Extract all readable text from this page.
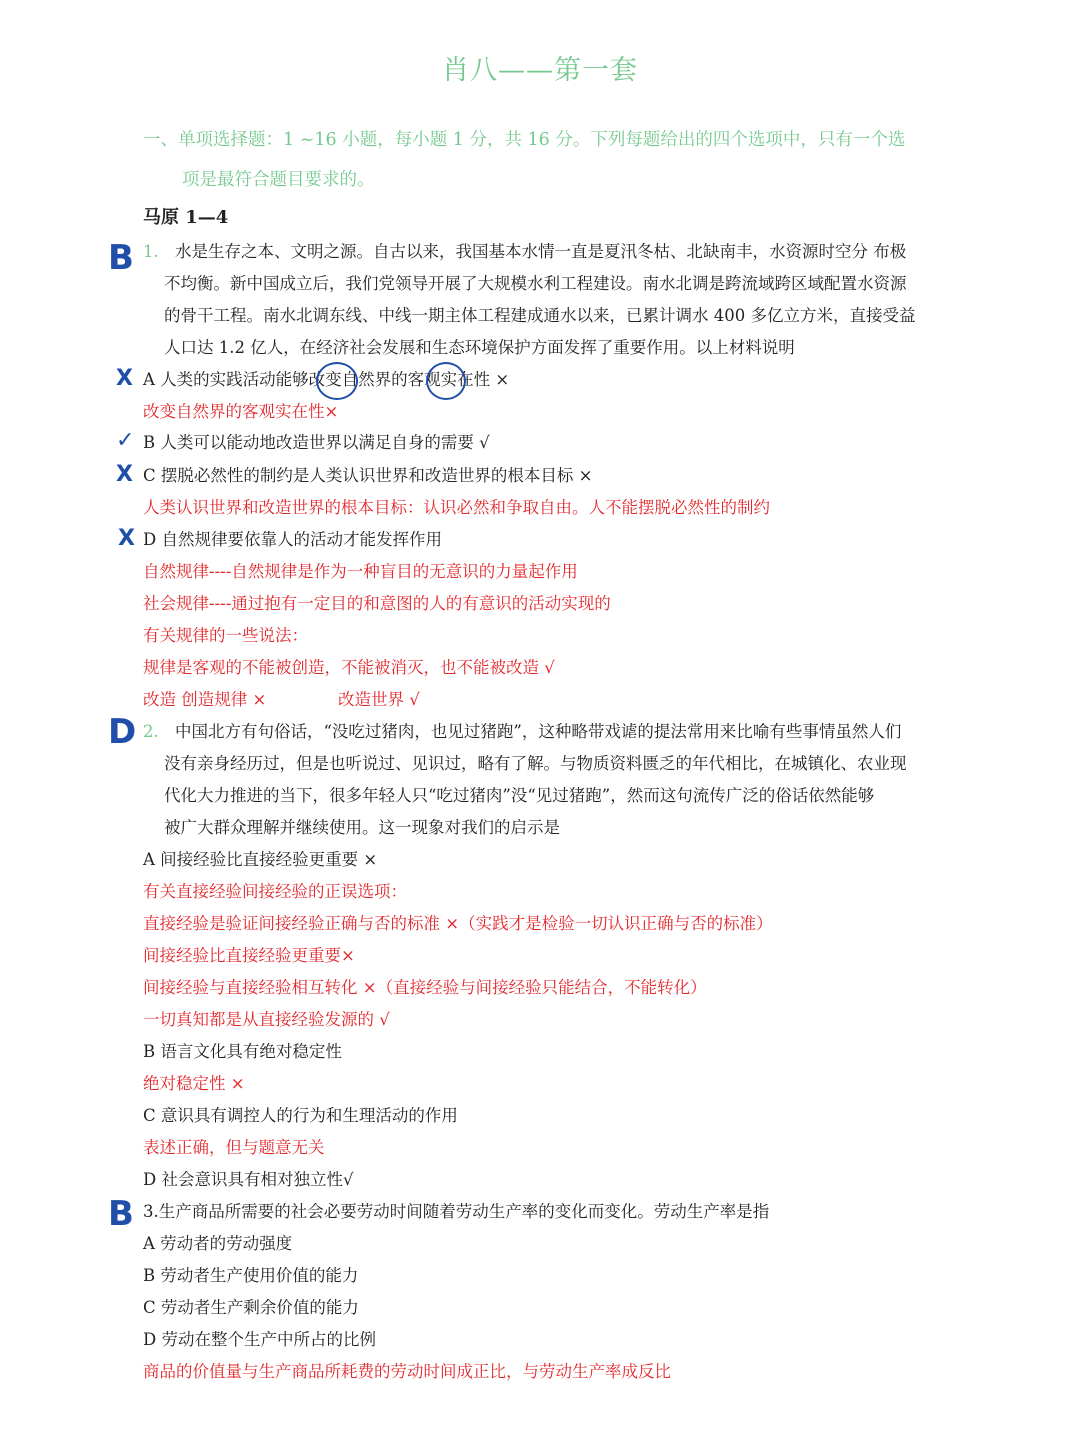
肖八——第一套
一、单项选择题：1 ~16 小题，每小题 1 分，共 16 分。下列每题给出的四个选项中，只有一个选
项是最符合题目要求的。
马原 1—4
B 1. 水是生存之本、文明之源。自古以来，我国基本水情一直是夏汛冬枯、北缺南丰，水资源时空分 布极
不均衡。新中国成立后，我们党领导开展了大规模水利工程建设。南水北调是跨流域跨区域配置水资源
的骨干工程。南水北调东线、中线一期主体工程建成通水以来，已累计调水 400 多亿立方米，直接受益
人口达 1.2 亿人，在经济社会发展和生态环境保护方面发挥了重要作用。以上材料说明
X A 人类的实践活动能够改变自然界的客观实在性 ×
改变自然界的客观实在性×
✓ B 人类可以能动地改造世界以满足自身的需要 √
X C 摆脱必然性的制约是人类认识世界和改造世界的根本目标 ×
人类认识世界和改造世界的根本目标：认识必然和争取自由。人不能摆脱必然性的制约
X D 自然规律要依靠人的活动才能发挥作用
自然规律----自然规律是作为一种盲目的无意识的力量起作用
社会规律----通过抱有一定目的和意图的人的有意识的活动实现的
有关规律的一些说法：
规律是客观的不能被创造，不能被消灭，也不能被改造 √
改造 创造规律 ×	改造世界 √
D 2. 中国北方有句俗话，“没吃过猪肉，也见过猪跑”，这种略带戏谑的提法常用来比喻有些事情虽然人们
没有亲身经历过，但是也听说过、见识过，略有了解。与物质资料匮乏的年代相比，在城镇化、农业现
代化大力推进的当下，很多年轻人只“吃过猪肉”没“见过猪跑”，然而这句流传广泛的俗话依然能够
被广大群众理解并继续使用。这一现象对我们的启示是
A 间接经验比直接经验更重要 ×
有关直接经验间接经验的正误选项：
直接经验是验证间接经验正确与否的标准 ×（实践才是检验一切认识正确与否的标准）
间接经验比直接经验更重要×
间接经验与直接经验相互转化 ×（直接经验与间接经验只能结合，不能转化）
一切真知都是从直接经验发源的 √
B 语言文化具有绝对稳定性
绝对稳定性 ×
C 意识具有调控人的行为和生理活动的作用
表述正确，但与题意无关
D 社会意识具有相对独立性√
B 3.生产商品所需要的社会必要劳动时间随着劳动生产率的变化而变化。劳动生产率是指
A 劳动者的劳动强度
B 劳动者生产使用价值的能力
C 劳动者生产剩余价值的能力
D 劳动在整个生产中所占的比例
商品的价值量与生产商品所耗费的劳动时间成正比，与劳动生产率成反比
